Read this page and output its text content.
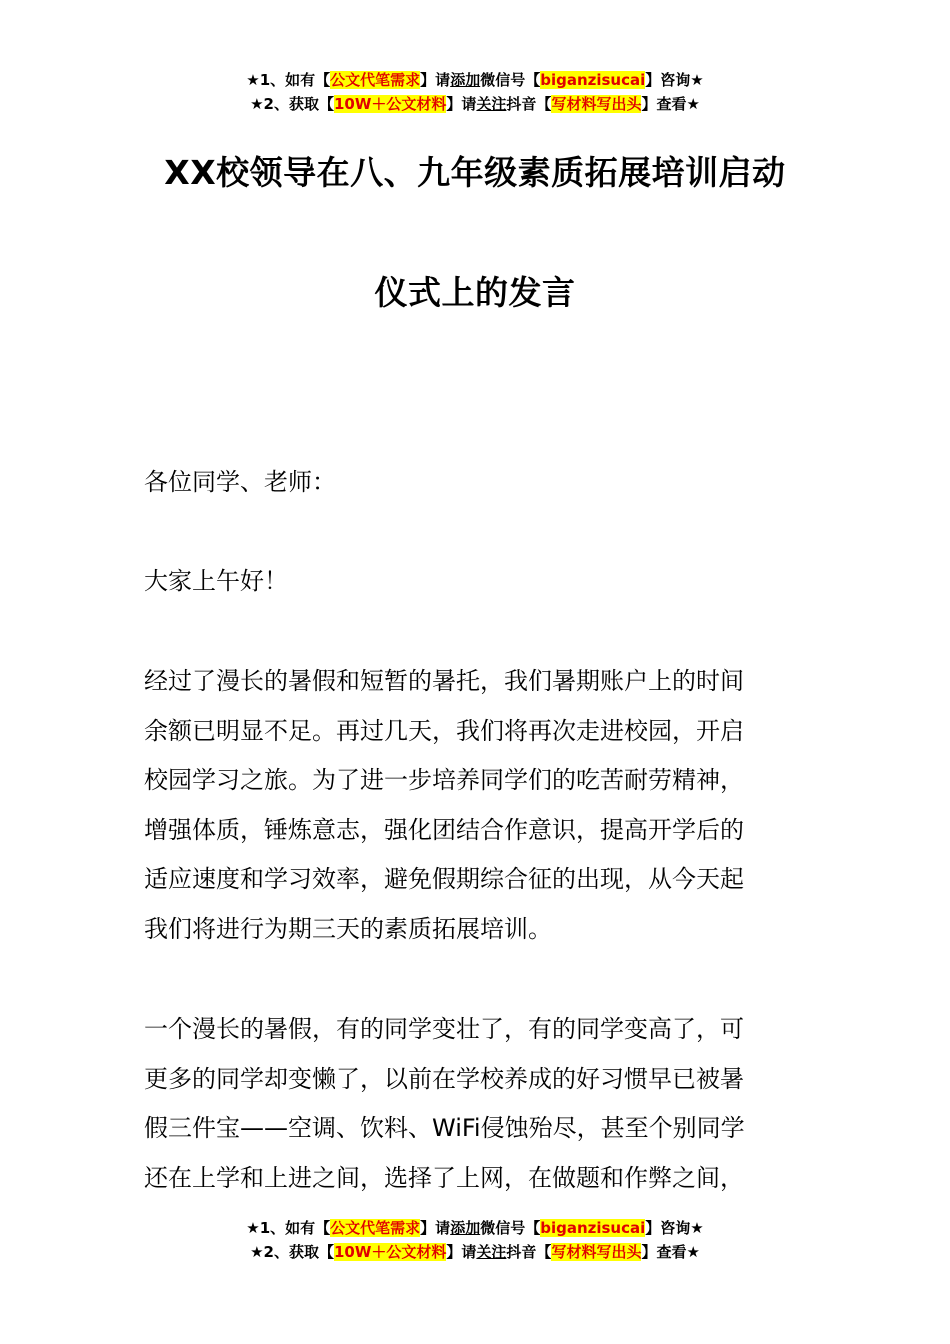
★1、如有【公文代笔需求】请添加微信号【biganzisucai】咨询★
★2、获取【10W＋公文材料】请关注抖音【写材料写出头】查看★
XX校领导在八、九年级素质拓展培训启动
仪式上的发言
各位同学、老师：
大家上午好！
经过了漫长的暑假和短暂的暑托，我们暑期账户上的时间
余额已明显不足。再过几天，我们将再次走进校园，开启
校园学习之旅。为了进一步培养同学们的吃苦耐劳精神，
增强体质，锤炼意志，强化团结合作意识，提高开学后的
适应速度和学习效率，避免假期综合征的出现，从今天起
我们将进行为期三天的素质拓展培训。
一个漫长的暑假，有的同学变壮了，有的同学变高了，可
更多的同学却变懒了，以前在学校养成的好习惯早已被暑
假三件宝——空调、饮料、WiFi侵蚀殆尽，甚至个别同学
还在上学和上进之间，选择了上网，在做题和作弊之间，
★1、如有【公文代笔需求】请添加微信号【biganzisucai】咨询★
★2、获取【10W＋公文材料】请关注抖音【写材料写出头】查看★
